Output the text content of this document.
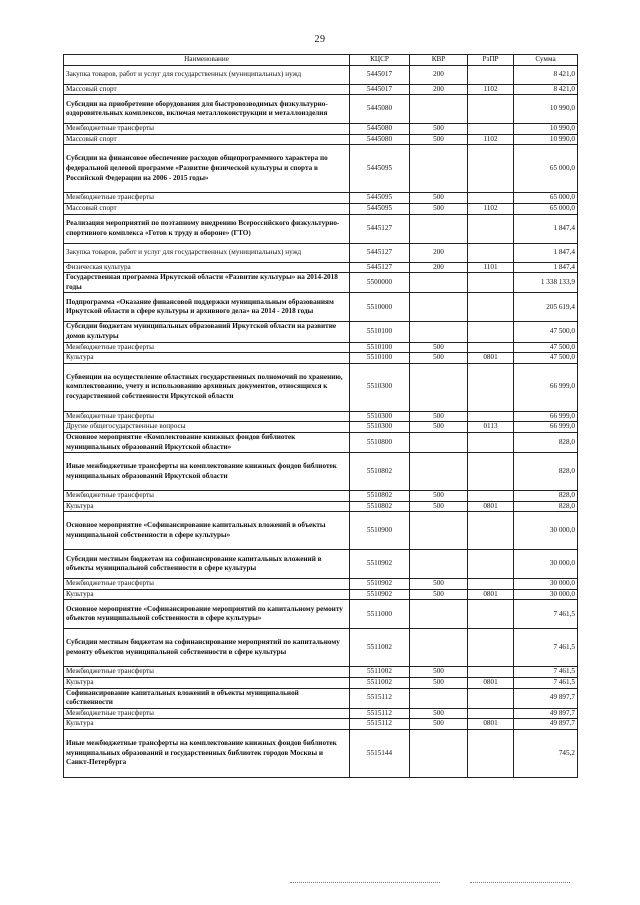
29
Наименование	КЦСР	КВР	РзПР	Сумма
Закупка товаров, работ и услуг для государственных (муниципальных) нужд	5445017	200		8 421,0
Массовый спорт	5445017	200	1102	8 421,0
Субсидии на приобретение оборудования для быстровозводимых физкультурно-оздоровительных комплексов, включая металлоконструкции и металлоизделия	5445080			10 990,0
Межбюджетные трансферты	5445080	500		10 990,0
Массовый спорт	5445080	500	1102	10 990,0
Субсидии на финансовое обеспечение расходов общепрограммного характера по федеральной целевой программе «Развитие физической культуры и спорта в Российской Федерации на 2006 - 2015 годы»	5445095			65 000,0
Межбюджетные трансферты	5445095	500		65 000,0
Массовый спорт	5445095	500	1102	65 000,0
Реализация мероприятий по поэтапному внедрению Всероссийского физкультурно-спортивного комплекса «Готов к труду и обороне» (ГТО)	5445127			1 847,4
Закупка товаров, работ и услуг для государственных (муниципальных) нужд	5445127	200		1 847,4
Физическая культура	5445127	200	1101	1 847,4
Государственная программа Иркутской области «Развитие культуры» на 2014-2018 годы	5500000			1 338 133,9
Подпрограмма «Оказание финансовой поддержки муниципальным образованиям Иркутской области в сфере культуры и архивного дела» на 2014 - 2018 годы	5510000			205 619,4
Субсидии бюджетам муниципальных образований Иркутской области на развитие домов культуры	5510100			47 500,0
Межбюджетные трансферты	5510100	500		47 500,0
Культура	5510100	500	0801	47 500,0
Субвенции на осуществление областных государственных полномочий по хранению, комплектованию, учету и использованию архивных документов, относящихся к государственной собственности Иркутской области	5510300			66 999,0
Межбюджетные трансферты	5510300	500		66 999,0
Другие общегосударственные вопросы	5510300	500	0113	66 999,0
Основное мероприятие «Комплектование книжных фондов библиотек муниципальных образований Иркутской области»	5510800			828,0
Иные межбюджетные трансферты на комплектование книжных фондов библиотек муниципальных образований Иркутской области	5510802			828,0
Межбюджетные трансферты	5510802	500		828,0
Культура	5510802	500	0801	828,0
Основное мероприятие «Софинансирование капитальных вложений в объекты муниципальной собственности в сфере культуры»	5510900			30 000,0
Субсидии местным бюджетам на софинансирование капитальных вложений в объекты муниципальной собственности в сфере культуры	5510902			30 000,0
Межбюджетные трансферты	5510902	500		30 000,0
Культура	5510902	500	0801	30 000,0
Основное мероприятие «Софинансирование мероприятий по капитальному ремонту объектов муниципальной собственности в сфере культуры»	5511000			7 461,5
Субсидии местным бюджетам на софинансирование мероприятий по капитальному ремонту объектов муниципальной собственности в сфере культуры	5511002			7 461,5
Межбюджетные трансферты	5511002	500		7 461,5
Культура	5511002	500	0801	7 461,5
Софинансирование капитальных вложений в объекты муниципальной собственности	5515112			49 897,7
Межбюджетные трансферты	5515112	500		49 897,7
Культура	5515112	500	0801	49 897,7
Иные межбюджетные трансферты на комплектование книжных фондов библиотек муниципальных образований и государственных библиотек городов Москвы и Санкт-Петербурга	5515144			745,2
